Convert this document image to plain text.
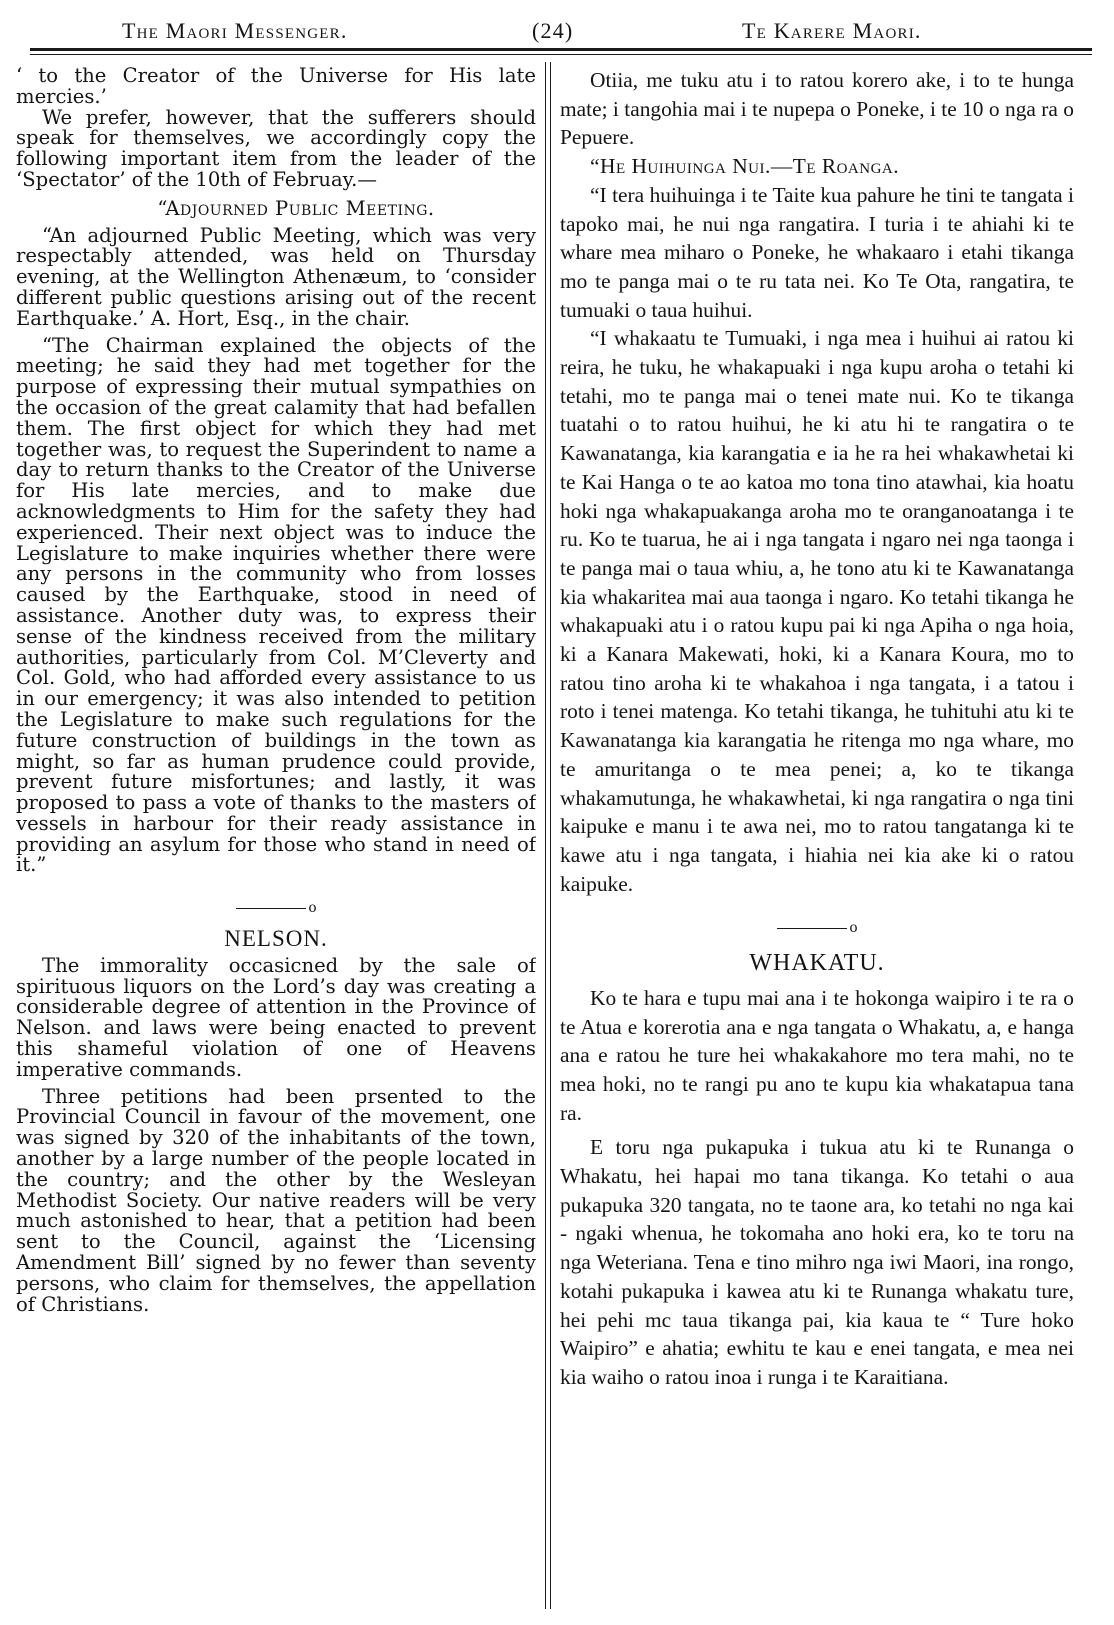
The Maori Messenger.	(24)	Te Karere Maori.

‘ to the Creator of the Universe for His late mercies.’

We prefer, however, that the sufferers should speak for themselves, we accordingly copy the following important item from the leader of the ‘Spectator’ of the 10th of Februay.—

“Adjourned Public Meeting.

“An adjourned Public Meeting, which was very respectably attended, was held on Thursday evening, at the Wellington Athenæum, to ‘consider different public questions arising out of the recent Earthquake.’ A. Hort, Esq., in the chair.

“The Chairman explained the objects of the meeting; he said they had met together for the purpose of expressing their mutual sympathies on the occasion of the great calamity that had befallen them. The first object for which they had met together was, to request the Superindent to name a day to return thanks to the Creator of the Universe for His late mercies, and to make due acknowledgments to Him for the safety they had experienced. Their next object was to induce the Legislature to make inquiries whether there were any persons in the community who from losses caused by the Earthquake, stood in need of assistance. Another duty was, to express their sense of the kindness received from the military authorities, particularly from Col. M’Cleverty and Col. Gold, who had afforded every assistance to us in our emergency; it was also intended to petition the Legislature to make such regulations for the future construction of buildings in the town as might, so far as human prudence could provide, prevent future misfortunes; and lastly, it was proposed to pass a vote of thanks to the masters of vessels in harbour for their ready assistance in providing an asylum for those who stand in need of it.”

o
NELSON.

The immorality occasicned by the sale of spirituous liquors on the Lord’s day was creating a considerable degree of attention in the Province of Nelson. and laws were being enacted to prevent this shameful violation of one of Heavens imperative commands.

Three petitions had been prsented to the Provincial Council in favour of the movement, one was signed by 320 of the inhabitants of the town, another by a large number of the people located in the country; and the other by the Wesleyan Methodist Society. Our native readers will be very much astonished to hear, that a petition had been sent to the Council, against the ‘Licensing Amendment Bill’ signed by no fewer than seventy persons, who claim for themselves, the appellation of Christians.

Otiia, me tuku atu i to ratou korero ake, i to te hunga mate; i tangohia mai i te nupepa o Poneke, i te 10 o nga ra o Pepuere.

“He Huihuinga Nui.—Te Roanga.

“I tera huihuinga i te Taite kua pahure he tini te tangata i tapoko mai, he nui nga rangatira. I turia i te ahiahi ki te whare mea miharo o Poneke, he whakaaro i etahi tikanga mo te panga mai o te ru tata nei. Ko Te Ota, rangatira, te tumuaki o taua huihui.

“I whakaatu te Tumuaki, i nga mea i huihui ai ratou ki reira, he tuku, he whakapuaki i nga kupu aroha o tetahi ki tetahi, mo te panga mai o tenei mate nui. Ko te tikanga tuatahi o to ratou huihui, he ki atu hi te rangatira o te Kawanatanga, kia karangatia e ia he ra hei whakawhetai ki te Kai Hanga o te ao katoa mo tona tino atawhai, kia hoatu hoki nga whakapuakanga aroha mo te oranganoatanga i te ru. Ko te tuarua, he ai i nga tangata i ngaro nei nga taonga i te panga mai o taua whiu, a, he tono atu ki te Kawanatanga kia whakaritea mai aua taonga i ngaro. Ko tetahi tikanga he whakapuaki atu i o ratou kupu pai ki nga Apiha o nga hoia, ki a Kanara Makewati, hoki, ki a Kanara Koura, mo to ratou tino aroha ki te whakahoa i nga tangata, i a tatou i roto i tenei matenga. Ko tetahi tikanga, he tuhituhi atu ki te Kawanatanga kia karangatia he ritenga mo nga whare, mo te amuritanga o te mea penei; a, ko te tikanga whakamutunga, he whakawhetai, ki nga rangatira o nga tini kaipuke e manu i te awa nei, mo to ratou tangatanga ki te kawe atu i nga tangata, i hiahia nei kia ake ki o ratou kaipuke.

o
WHAKATU.

Ko te hara e tupu mai ana i te hokonga waipiro i te ra o te Atua e korerotia ana e nga tangata o Whakatu, a, e hanga ana e ratou he ture hei whakakahore mo tera mahi, no te mea hoki, no te rangi pu ano te kupu kia whakatapua tana ra.

E toru nga pukapuka i tukua atu ki te Runanga o Whakatu, hei hapai mo tana tikanga. Ko tetahi o aua pukapuka 320 tangata, no te taone ara, ko tetahi no nga kai - ngaki whenua, he tokomaha ano hoki era, ko te toru na nga Weteriana. Tena e tino mihro nga iwi Maori, ina rongo, kotahi pukapuka i kawea atu ki te Runanga whakatu ture, hei pehi mc taua tikanga pai, kia kaua te “ Ture hoko Waipiro” e ahatia; ewhitu te kau e enei tangata, e mea nei kia waiho o ratou inoa i runga i te Karaitiana.
